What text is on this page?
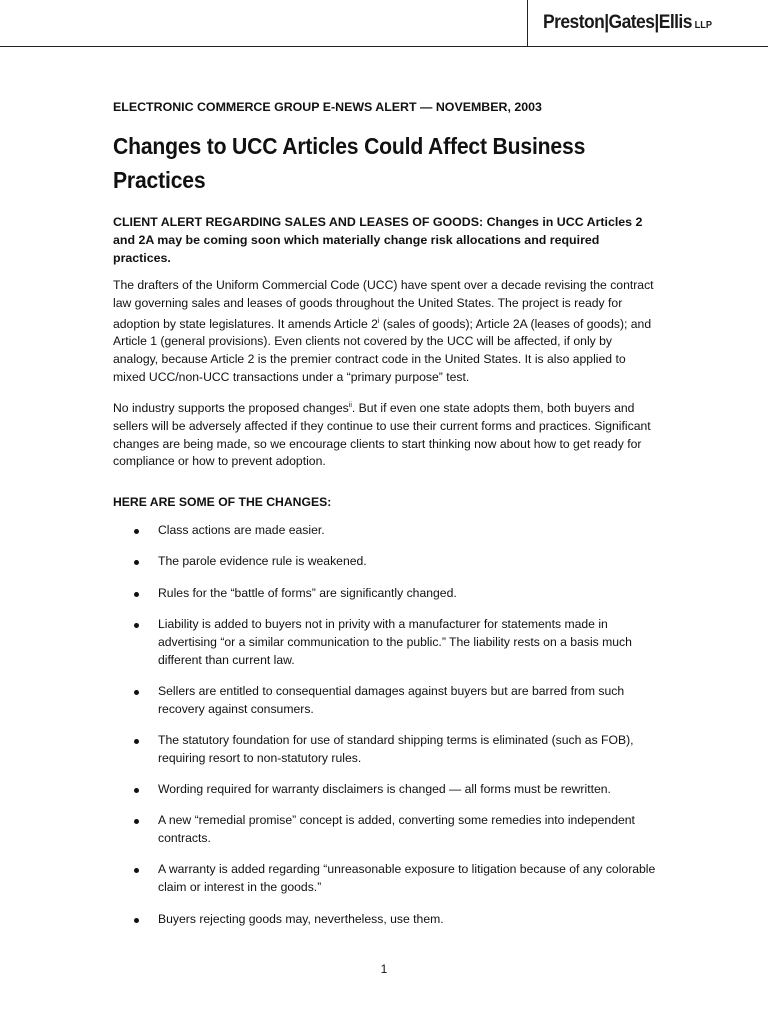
Preston|Gates|Ellis LLP

ELECTRONIC COMMERCE GROUP E-NEWS ALERT — NOVEMBER, 2003

Changes to UCC Articles Could Affect Business Practices

CLIENT ALERT REGARDING SALES AND LEASES OF GOODS: Changes in UCC Articles 2 and 2A may be coming soon which materially change risk allocations and required practices.

The drafters of the Uniform Commercial Code (UCC) have spent over a decade revising the contract law governing sales and leases of goods throughout the United States. The project is ready for adoption by state legislatures. It amends Article 2$^i$ (sales of goods); Article 2A (leases of goods); and Article 1 (general provisions). Even clients not covered by the UCC will be affected, if only by analogy, because Article 2 is the premier contract code in the United States. It is also applied to mixed UCC/non-UCC transactions under a “primary purpose” test.

No industry supports the proposed changes$^{ii}$. But if even one state adopts them, both buyers and sellers will be adversely affected if they continue to use their current forms and practices. Significant changes are being made, so we encourage clients to start thinking now about how to get ready for compliance or how to prevent adoption.

HERE ARE SOME OF THE CHANGES:

Class actions are made easier.
The parole evidence rule is weakened.
Rules for the “battle of forms” are significantly changed.
Liability is added to buyers not in privity with a manufacturer for statements made in advertising “or a similar communication to the public.” The liability rests on a basis much different than current law.
Sellers are entitled to consequential damages against buyers but are barred from such recovery against consumers.
The statutory foundation for use of standard shipping terms is eliminated (such as FOB), requiring resort to non-statutory rules.
Wording required for warranty disclaimers is changed — all forms must be rewritten.
A new “remedial promise” concept is added, converting some remedies into independent contracts.
A warranty is added regarding “unreasonable exposure to litigation because of any colorable claim or interest in the goods.”
Buyers rejecting goods may, nevertheless, use them.
1
